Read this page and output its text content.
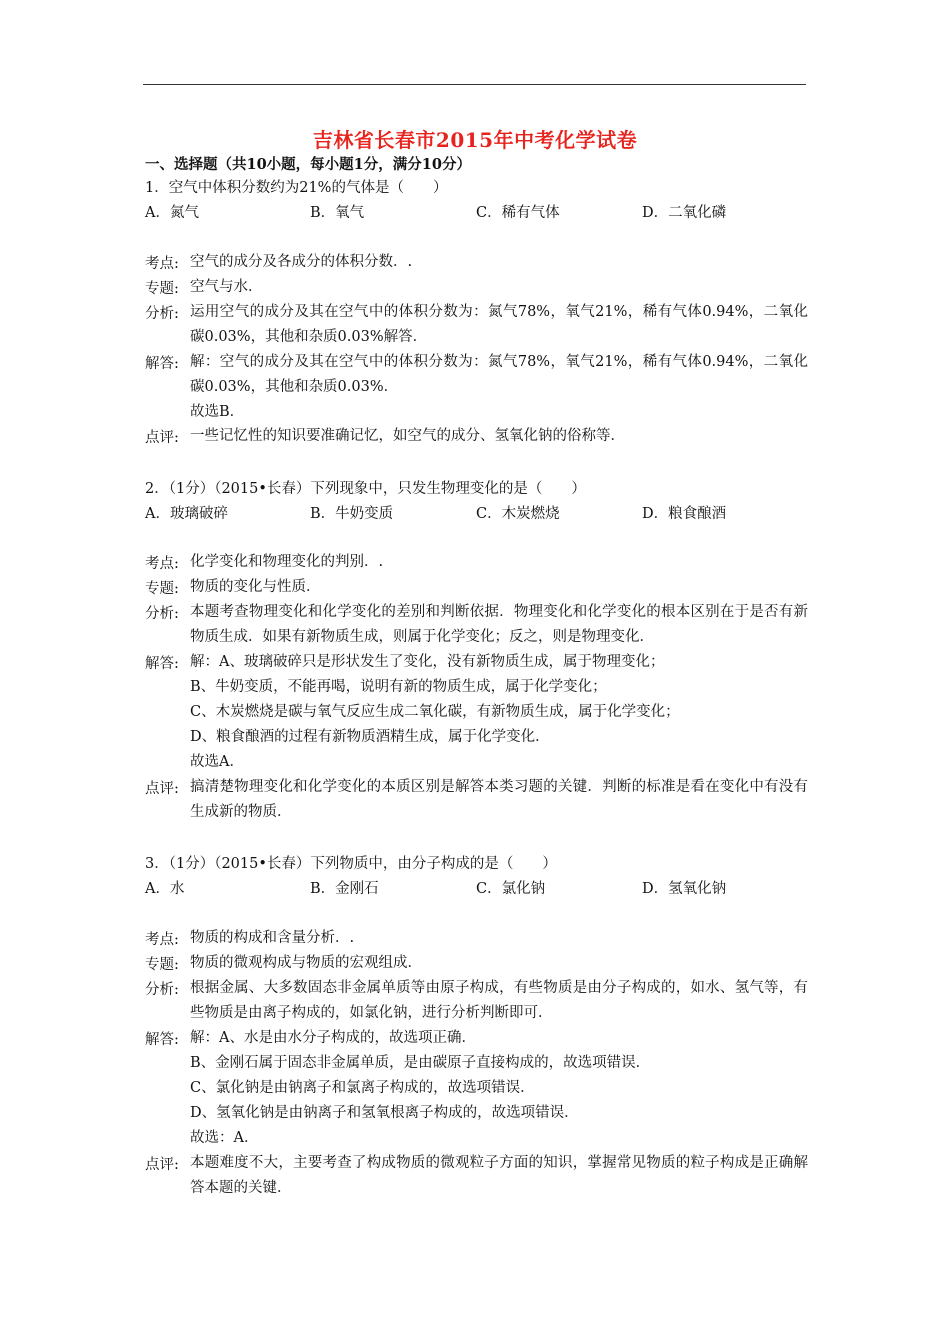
吉林省长春市2015年中考化学试卷
一、选择题（共10小题，每小题1分，满分10分）
1．空气中体积分数约为21%的气体是（　　）
A．氮气	B．氧气	C．稀有气体	D．二氧化磷
考点: 空气的成分及各成分的体积分数．.
专题: 空气与水．
分析: 运用空气的成分及其在空气中的体积分数为：氮气78%，氧气21%，稀有气体0.94%，二氧化碳0.03%，其他和杂质0.03%解答．
解答: 解：空气的成分及其在空气中的体积分数为：氮气78%，氧气21%，稀有气体0.94%，二氧化碳0.03%，其他和杂质0.03%．
故选B．
点评: 一些记忆性的知识要准确记忆，如空气的成分、氢氧化钠的俗称等．
2．（1分）（2015•长春）下列现象中，只发生物理变化的是（　　）
A．玻璃破碎	B．牛奶变质	C．木炭燃烧	D．粮食酿酒
考点: 化学变化和物理变化的判别．.
专题: 物质的变化与性质．
分析: 本题考查物理变化和化学变化的差别和判断依据．物理变化和化学变化的根本区别在于是否有新物质生成．如果有新物质生成，则属于化学变化；反之，则是物理变化．
解答: 解：A、玻璃破碎只是形状发生了变化，没有新物质生成，属于物理变化；
B、牛奶变质，不能再喝，说明有新的物质生成，属于化学变化；
C、木炭燃烧是碳与氧气反应生成二氧化碳，有新物质生成，属于化学变化；
D、粮食酿酒的过程有新物质酒精生成，属于化学变化．
故选A．
点评: 搞清楚物理变化和化学变化的本质区别是解答本类习题的关键．判断的标准是看在变化中有没有生成新的物质．
3．（1分）（2015•长春）下列物质中，由分子构成的是（　　）
A．水	B．金刚石	C．氯化钠	D．氢氧化钠
考点: 物质的构成和含量分析．.
专题: 物质的微观构成与物质的宏观组成．
分析: 根据金属、大多数固态非金属单质等由原子构成，有些物质是由分子构成的，如水、氢气等，有些物质是由离子构成的，如氯化钠，进行分析判断即可．
解答: 解：A、水是由水分子构成的，故选项正确．
B、金刚石属于固态非金属单质，是由碳原子直接构成的，故选项错误．
C、氯化钠是由钠离子和氯离子构成的，故选项错误．
D、氢氧化钠是由钠离子和氢氧根离子构成的，故选项错误．
故选：A．
点评: 本题难度不大，主要考查了构成物质的微观粒子方面的知识，掌握常见物质的粒子构成是正确解答本题的关键．
